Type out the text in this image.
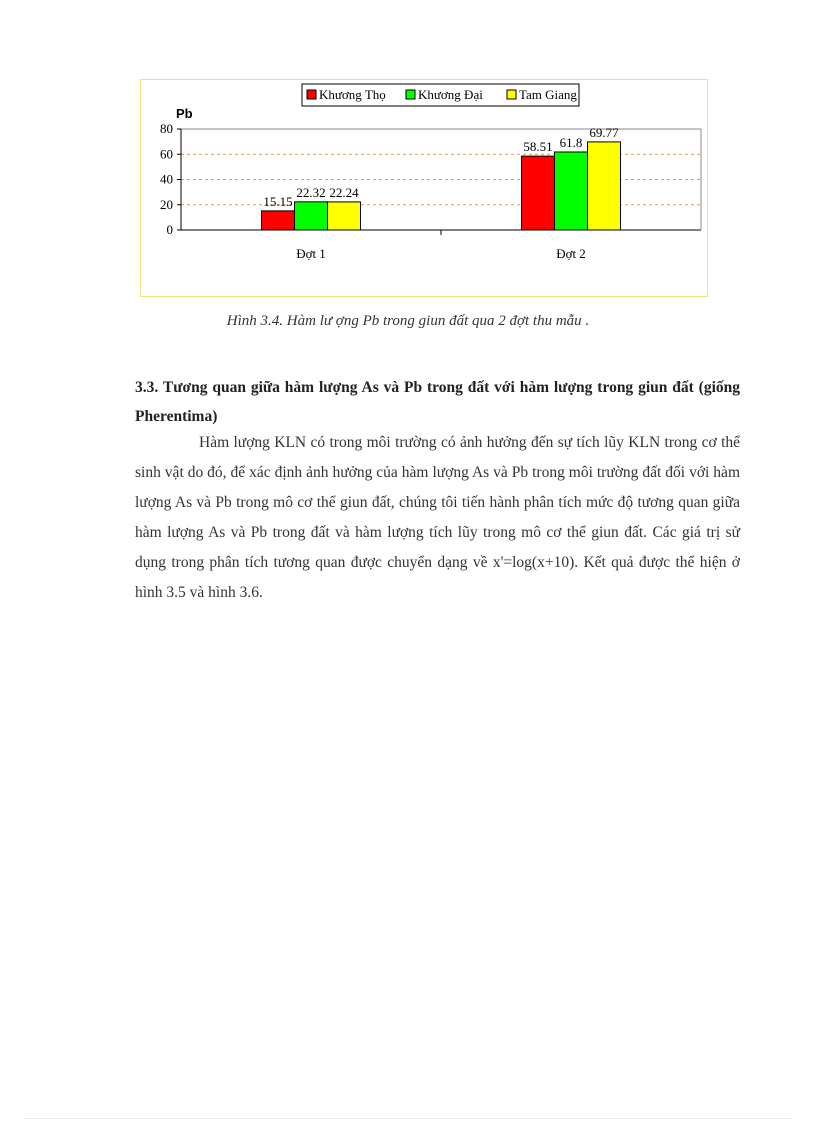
Khương Thọ Khương Đại	Tam Giang
Pb
0
20
40
60
80
Đợt 1
15.15
22.32 22.24
Đợt 2
58.51 61.8
69.77
Hình 3.4. Hàm lư ợng Pb trong giun đất qua 2 đợt thu mẫu .
3.3. Tương quan giữa hàm lượng As và Pb trong đất với hàm lượng trong giun đất (giống Pherentima)
Hàm lượng KLN có trong môi trường có ảnh hưởng đến sự tích lũy KLN trong cơ thể sinh vật do đó, để xác định ảnh hưởng của hàm lượng As và Pb trong môi trường đất đối với hàm lượng As và Pb trong mô cơ thể giun đất, chúng tôi tiến hành phân tích mức độ tương quan giữa hàm lượng As và Pb trong đất và hàm lượng tích lũy trong mô cơ thể giun đất. Các giá trị sử dụng trong phân tích tương quan được chuyển dạng về x'=log(x+10). Kết quả được thể hiện ở hình 3.5 và hình 3.6.
